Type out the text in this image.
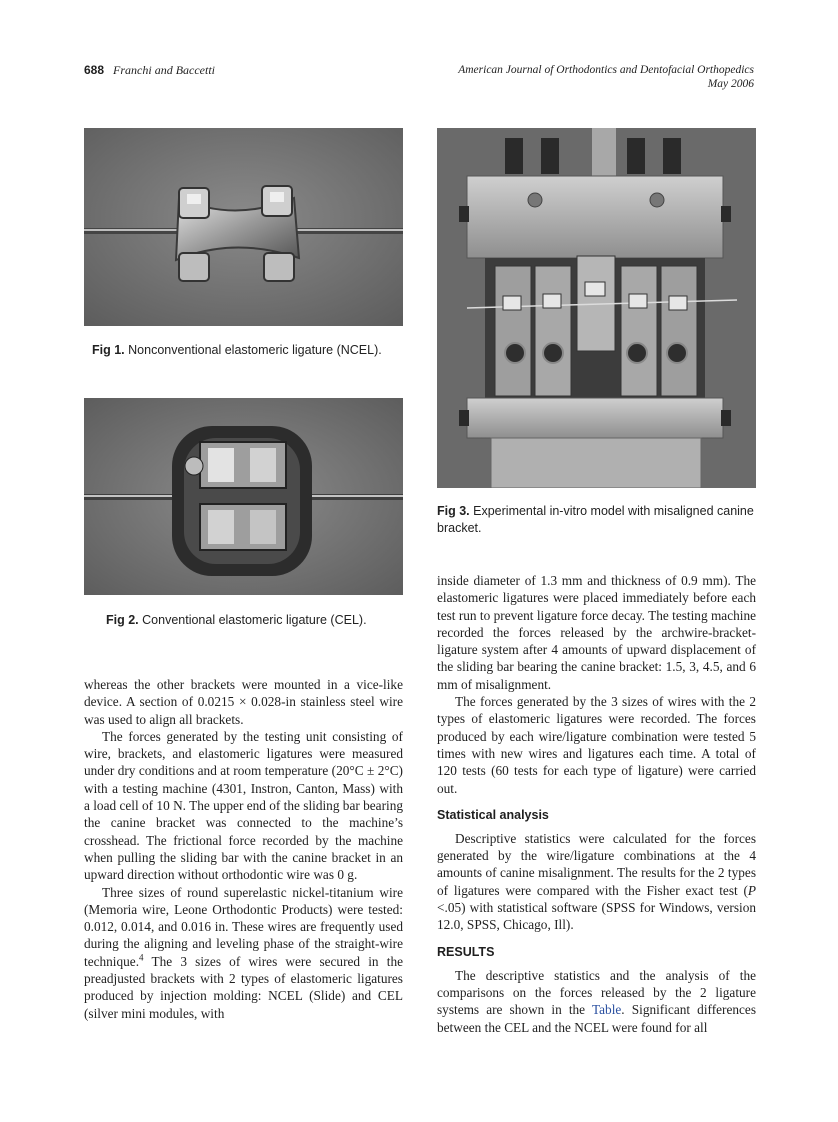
688 Franchi and Baccetti	American Journal of Orthodontics and Dentofacial Orthopedics
May 2006
Fig 1. Nonconventional elastomeric ligature (NCEL).
Fig 2. Conventional elastomeric ligature (CEL).
Fig 3. Experimental in-vitro model with misaligned canine bracket.

whereas the other brackets were mounted in a vice-like device. A section of 0.0215 × 0.028-in stainless steel wire was used to align all brackets.

The forces generated by the testing unit consisting of wire, brackets, and elastomeric ligatures were measured under dry conditions and at room temperature (20°C ± 2°C) with a testing machine (4301, Instron, Canton, Mass) with a load cell of 10 N. The upper end of the sliding bar bearing the canine bracket was connected to the machine’s crosshead. The frictional force recorded by the machine when pulling the sliding bar with the canine bracket in an upward direction without orthodontic wire was 0 g.

Three sizes of round superelastic nickel-titanium wire (Memoria wire, Leone Orthodontic Products) were tested: 0.012, 0.014, and 0.016 in. These wires are frequently used during the aligning and leveling phase of the straight-wire technique.$^4$ The 3 sizes of wires were secured in the preadjusted brackets with 2 types of elastomeric ligatures produced by injection molding: NCEL (Slide) and CEL (silver mini modules, with

inside diameter of 1.3 mm and thickness of 0.9 mm). The elastomeric ligatures were placed immediately before each test run to prevent ligature force decay. The testing machine recorded the forces released by the archwire-bracket-ligature system after 4 amounts of upward displacement of the sliding bar bearing the canine bracket: 1.5, 3, 4.5, and 6 mm of misalignment.

The forces generated by the 3 sizes of wires with the 2 types of elastomeric ligatures were recorded. The forces produced by each wire/ligature combination were tested 5 times with new wires and ligatures each time. A total of 120 tests (60 tests for each type of ligature) were carried out.

Statistical analysis

Descriptive statistics were calculated for the forces generated by the wire/ligature combinations at the 4 amounts of canine misalignment. The results for the 2 types of ligatures were compared with the Fisher exact test (P <.05) with statistical software (SPSS for Windows, version 12.0, SPSS, Chicago, Ill).

RESULTS

The descriptive statistics and the analysis of the comparisons on the forces released by the 2 ligature systems are shown in the Table. Significant differences between the CEL and the NCEL were found for all
